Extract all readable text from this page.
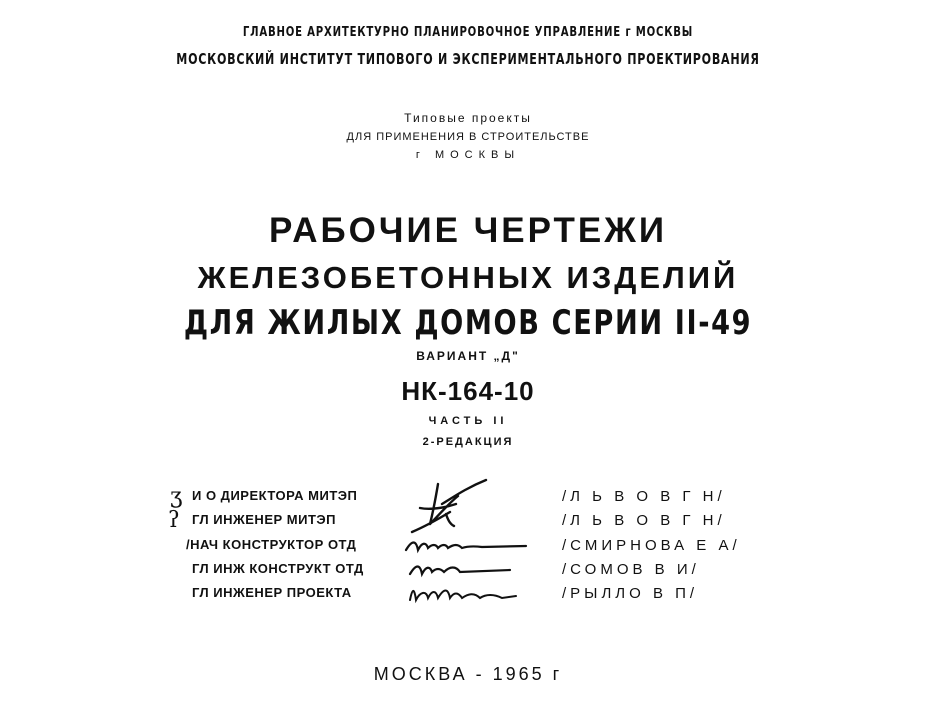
ГЛАВНОЕ АРХИТЕКТУРНО ПЛАНИРОВОЧНОЕ УПРАВЛЕНИЕ г МОСКВЫ
МОСКОВСКИЙ ИНСТИТУТ ТИПОВОГО И ЭКСПЕРИМЕНТАЛЬНОГО ПРОЕКТИРОВАНИЯ
Типовые проекты
ДЛЯ ПРИМЕНЕНИЯ В СТРОИТЕЛЬСТВЕ
г МОСКВЫ
РАБОЧИЕ ЧЕРТЕЖИ
ЖЕЛЕЗОБЕТОННЫХ ИЗДЕЛИЙ
ДЛЯ ЖИЛЫХ ДОМОВ СЕРИИ II-49
ВАРИАНТ „Д"
НК-164-10
ЧАСТЬ II
2-РЕДАКЦИЯ
ʒ
ʔ
И О ДИРЕКТОРА МИТЭП	/Л Ь В О В Г Н/
ГЛ ИНЖЕНЕР МИТЭП	/Л Ь В О В Г Н/
/НАЧ КОНСТРУКТОР ОТД	/СМИРНОВА Е А/
ГЛ ИНЖ КОНСТРУКТ ОТД	/СОМОВ В И/
ГЛ ИНЖЕНЕР ПРОЕКТА	/РЫЛЛО В П/
МОСКВА - 1965 г
